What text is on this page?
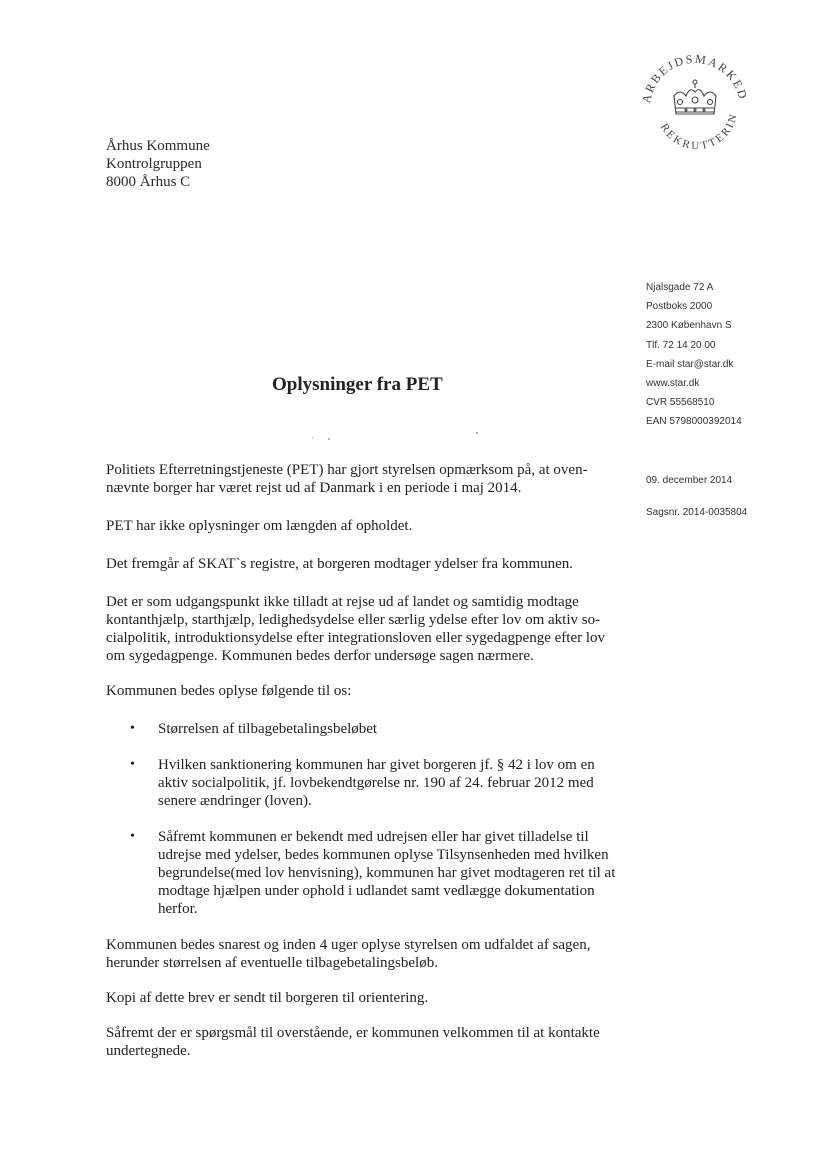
ARBEJDSMARKED
REKRUTTERIN
Århus Kommune
Kontrolgruppen
8000 Århus C
Njalsgade 72 A
Postboks 2000
2300 København S
Tlf. 72 14 20 00
E-mail star@star.dk
www.star.dk
CVR 55568510
EAN 5798000392014
09. december 2014
Sagsnr. 2014-0035804
Oplysninger fra PET

Politiets Efterretningstjeneste (PET) har gjort styrelsen opmærksom på, at oven-nævnte borger har været rejst ud af Danmark i en periode i maj 2014.

PET har ikke oplysninger om længden af opholdet.

Det fremgår af SKAT`s registre, at borgeren modtager ydelser fra kommunen.

Det er som udgangspunkt ikke tilladt at rejse ud af landet og samtidig modtage kontanthjælp, starthjælp, ledighedsydelse eller særlig ydelse efter lov om aktiv so-cialpolitik, introduktionsydelse efter integrationsloven eller sygedagpenge efter lov om sygedagpenge. Kommunen bedes derfor undersøge sagen nærmere.

Kommunen bedes oplyse følgende til os:

• Størrelsen af tilbagebetalingsbeløbet
• Hvilken sanktionering kommunen har givet borgeren jf. § 42 i lov om en aktiv socialpolitik, jf. lovbekendtgørelse nr. 190 af 24. februar 2012 med senere ændringer (loven).
• Såfremt kommunen er bekendt med udrejsen eller har givet tilladelse til udrejse med ydelser, bedes kommunen oplyse Tilsynsenheden med hvilken begrundelse(med lov henvisning), kommunen har givet modtageren ret til at modtage hjælpen under ophold i udlandet samt vedlægge dokumentation herfor.

Kommunen bedes snarest og inden 4 uger oplyse styrelsen om udfaldet af sagen, herunder størrelsen af eventuelle tilbagebetalingsbeløb.

Kopi af dette brev er sendt til borgeren til orientering.

Såfremt der er spørgsmål til overstående, er kommunen velkommen til at kontakte undertegnede.
